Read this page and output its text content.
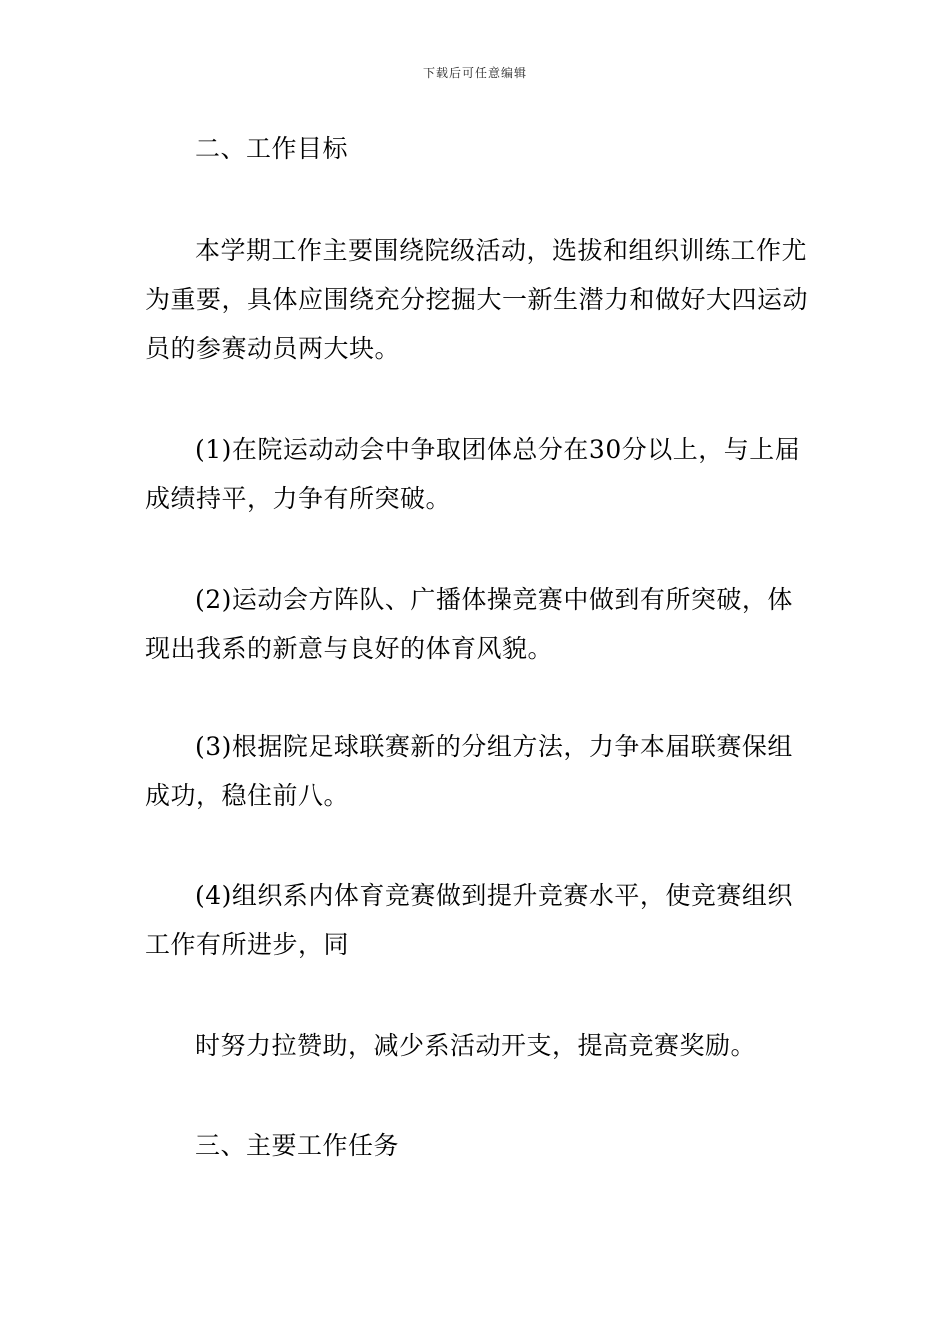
下载后可任意编辑

二、工作目标

本学期工作主要围绕院级活动，选拔和组织训练工作尤为重要，具体应围绕充分挖掘大一新生潜力和做好大四运动员的参赛动员两大块。

(1)在院运动动会中争取团体总分在30分以上，与上届成绩持平，力争有所突破。

(2)运动会方阵队、广播体操竞赛中做到有所突破，体现出我系的新意与良好的体育风貌。

(3)根据院足球联赛新的分组方法，力争本届联赛保组成功，稳住前八。

(4)组织系内体育竞赛做到提升竞赛水平，使竞赛组织工作有所进步，同

时努力拉赞助，减少系活动开支，提高竞赛奖励。

三、主要工作任务
